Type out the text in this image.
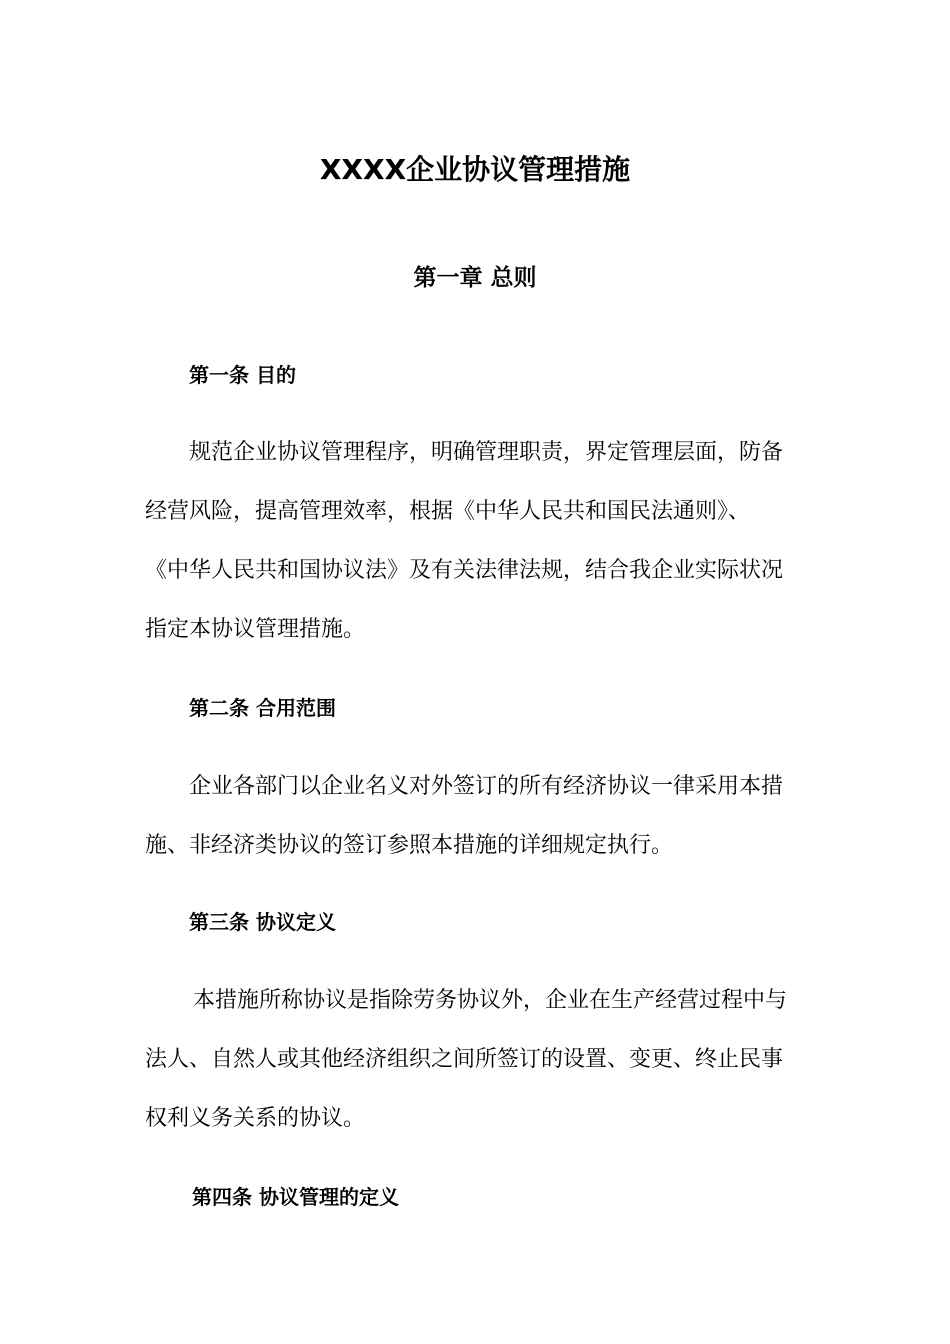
XXXX企业协议管理措施
第一章 总则
第一条 目的
规范企业协议管理程序，明确管理职责，界定管理层面，防备
经营风险，提高管理效率，根据《中华人民共和国民法通则》、
《中华人民共和国协议法》及有关法律法规，结合我企业实际状况
指定本协议管理措施。
第二条 合用范围
企业各部门以企业名义对外签订的所有经济协议一律采用本措
施、非经济类协议的签订参照本措施的详细规定执行。
第三条 协议定义
本措施所称协议是指除劳务协议外，企业在生产经营过程中与
法人、自然人或其他经济组织之间所签订的设置、变更、终止民事
权利义务关系的协议。
第四条 协议管理的定义
